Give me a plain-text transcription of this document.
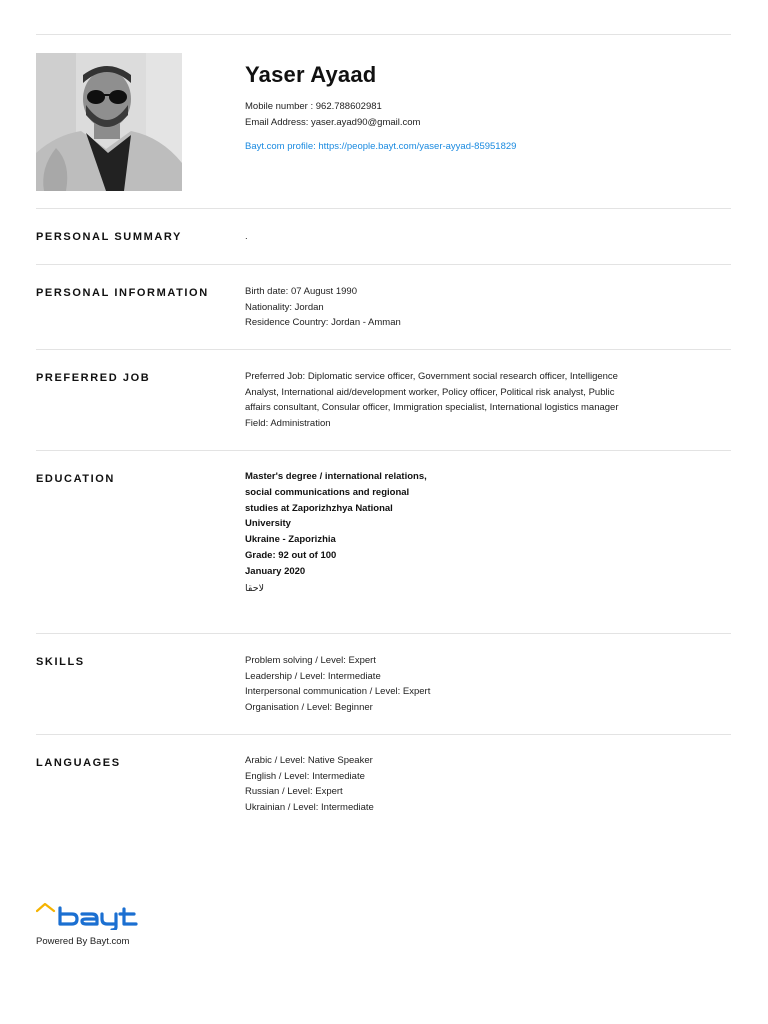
Yaser Ayaad
Mobile number : 962.788602981
Email Address: yaser.ayad90@gmail.com
Bayt.com profile: https://people.bayt.com/yaser-ayyad-85951829
PERSONAL SUMMARY	.
PERSONAL INFORMATION	Birth date: 07 August 1990
Nationality: Jordan
Residence Country: Jordan - Amman
PREFERRED JOB	Preferred Job: Diplomatic service officer, Government social research officer, Intelligence
Analyst, International aid/development worker, Policy officer, Political risk analyst, Public
affairs consultant, Consular officer, Immigration specialist, International logistics manager
Field: Administration
EDUCATION	Master's degree / international relations,
social communications and regional
studies at Zaporizhzhya National
University
Ukraine - Zaporizhia
Grade: 92 out of 100
January 2020
لاحقا
SKILLS	Problem solving / Level: Expert
Leadership / Level: Intermediate
Interpersonal communication / Level: Expert
Organisation / Level: Beginner
LANGUAGES	Arabic / Level: Native Speaker
English / Level: Intermediate
Russian / Level: Expert
Ukrainian / Level: Intermediate
Powered By Bayt.com
